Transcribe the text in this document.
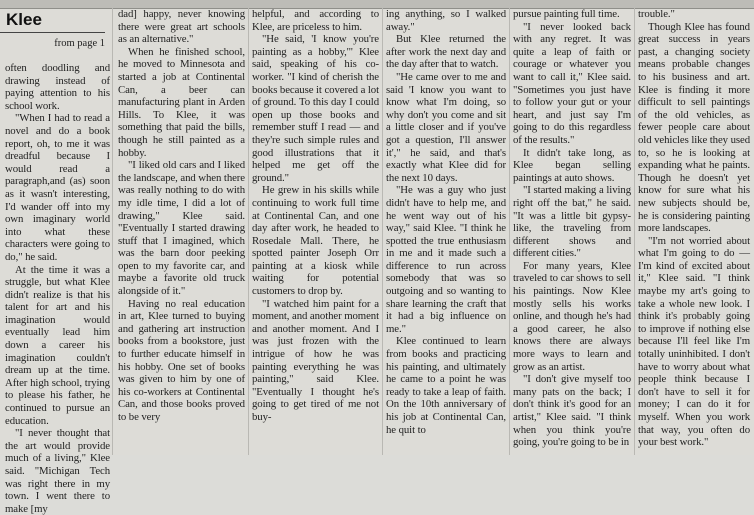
Klee
from page 1

often doodling and drawing instead of paying attention to his school work.

"When I had to read a novel and do a book report, oh, to me it was dreadful because I would read a paragraph,and (as) soon as it wasn't interesting, I'd wander off into my own imaginary world into what these characters were going to do," he said.

At the time it was a struggle, but what Klee didn't realize is that his talent for art and his imagination would eventually lead him down a career his imagination couldn't dream up at the time. After high school, trying to please his father, he continued to pursue an education.

"I never thought that the art would provide much of a living," Klee said. "Michigan Tech was right there in my town. I went there to make [my

dad] happy, never knowing there were great art schools as an alternative."

When he finished school, he moved to Minnesota and started a job at Continental Can, a beer can manufacturing plant in Arden Hills. To Klee, it was something that paid the bills, though he still painted as a hobby.

"I liked old cars and I liked the landscape, and when there was really nothing to do with my idle time, I did a lot of drawing," Klee said. "Eventually I started drawing stuff that I imagined, which was the barn door peeking open to my favorite car, and maybe a favorite old truck alongside of it."

Having no real education in art, Klee turned to buying and gathering art instruction books from a bookstore, just to further educate himself in his hobby. One set of books was given to him by one of his co-workers at Continental Can, and those books proved to be very

helpful, and according to Klee, are priceless to him.

"He said, 'I know you're painting as a hobby,'" Klee said, speaking of his co-worker. "I kind of cherish the books because it covered a lot of ground. To this day I could open up those books and remember stuff I read — and they're such simple rules and good illustrations that it helped me get off the ground."

He grew in his skills while continuing to work full time at Continental Can, and one day after work, he headed to Rosedale Mall. There, he spotted painter Joseph Orr painting at a kiosk while waiting for potential customers to drop by.

"I watched him paint for a moment, and another moment and another moment. And I was just frozen with the intrigue of how he was painting everything he was painting," said Klee. "Eventually I thought he's going to get tired of me not buy-

ing anything, so I walked away."

But Klee returned the after work the next day and the day after that to watch.

"He came over to me and said 'I know you want to know what I'm doing, so why don't you come and sit a little closer and if you've got a question, I'll answer it'," he said, and that's exactly what Klee did for the next 10 days.

"He was a guy who just didn't have to help me, and he went way out of his way," said Klee. "I think he spotted the true enthusiasm in me and it made such a difference to run across somebody that was so outgoing and so wanting to share learning the craft that it had a big influence on me."

Klee continued to learn from books and practicing his painting, and ultimately he came to a point he was ready to take a leap of faith. On the 10th anniversary of his job at Continental Can, he quit to

pursue painting full time.

"I never looked back with any regret. It was quite a leap of faith or courage or whatever you want to call it," Klee said. "Sometimes you just have to follow your gut or your heart, and just say I'm going to do this regardless of the results."

It didn't take long, as Klee began selling paintings at auto shows.

"I started making a living right off the bat," he said. "It was a little bit gypsy-like, the traveling from different shows and different cities."

For many years, Klee traveled to car shows to sell his paintings. Now Klee mostly sells his works online, and though he's had a good career, he also knows there are always more ways to learn and grow as an artist.

"I don't give myself too many pats on the back; I don't think it's good for an artist," Klee said. "I think when you think you're going, you're going to be in

trouble."

Though Klee has found great success in years past, a changing society means probable changes to his business and art. Klee is finding it more difficult to sell paintings of the old vehicles, as fewer people care about old vehicles like they used to, so he is looking at expanding what he paints. Though he doesn't yet know for sure what his new subjects should be, he is considering painting more landscapes.

"I'm not worried about what I'm going to do — I'm kind of excited about it," Klee said. "I think maybe my art's going to take a whole new look. I think it's probably going to improve if nothing else because I'll feel like I'm totally uninhibited. I don't have to worry about what people think because I don't have to sell it for money; I can do it for myself. When you work that way, you often do your best work."
